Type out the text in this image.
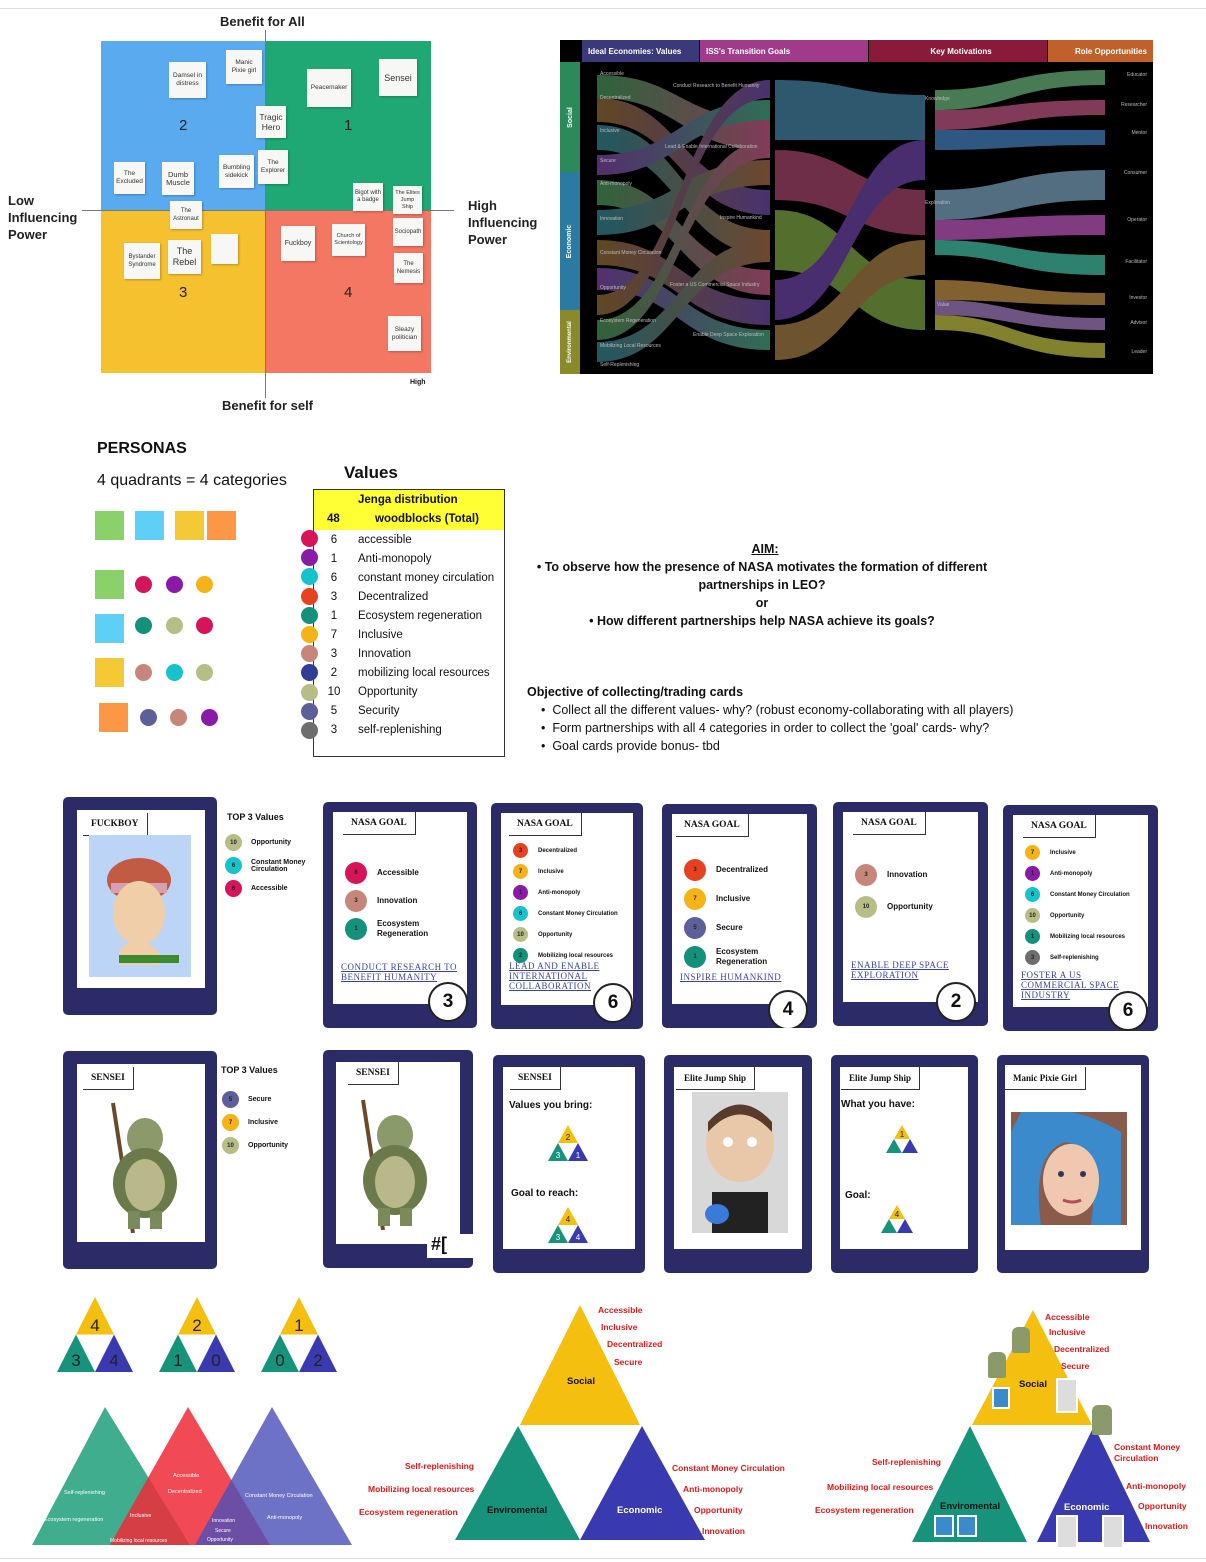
Benefit for All
Low
Influencing
Power
High
Influencing
Power
Benefit for self
High
2	1
3	4
Damsel in distress
Manic Pixie girl
Sensei
Peacemaker
Tragic Hero
The Excluded
Dumb Muscle
Bumbling sidekick
The Explorer
Bigot with a badge
The Elites Jump Ship
The Astronaut
Bystander Syndrome
The Rebel
Fuckboy
Church of Scientology
Sociopath
The Nemesis
Sleazy politician
Ideal Economies: Values	ISS's Transition Goals	Key Motivations	Role Opportunities
Social
Economic
Environmental
Accessible
Decentralized
Inclusive
Secure
Anti-monopoly
Innovation
Constant Money Circulation
Opportunity
Ecosystem Regeneration
Mobilizing Local Resources
Self-Replenishing
Conduct Research to Benefit Humanity
Lead & Enable International Collaboration
Inspire Humankind
Foster a US Commercial Space Industry
Enable Deep Space Exploration
Knowledge
Exploration
Value
Educator
Researcher
Mentor
Consumer
Operator
Facilitator
Investor
Advisor
Leader
PERSONAS
4 quadrants = 4 categories	Values
Jenga distribution
48	woodblocks (Total)
6	accessible
1	Anti-monopoly
6	constant money circulation
3	Decentralized
1	Ecosystem regeneration
7	Inclusive
3	Innovation
2	mobilizing local resources
10	Opportunity
5	Security
3	self-replenishing
AIM:
• To observe how the presence of NASA motivates the formation of different partnerships in LEO?
or
• How different partnerships help NASA achieve its goals?
Objective of collecting/trading cards
•  Collect all the different values- why? (robust economy-collaborating with all players)
•  Form partnerships with all 4 categories in order to collect the 'goal' cards- why?
•  Goal cards provide bonus- tbd
FUCKBOY
TOP 3 Values
SENSEI
TOP 3 Values	SENSEI
#[
SENSEI
Values you bring:
Goal to reach:
2
3 1
4
3 4
Elite Jump Ship	Elite Jump Ship
What you have:
Goal:
1
4
Manic Pixie Girl
4
3 4
2
1 0
1
0 2
Self-replenishing
Ecosystem regeneration
Accessible
Decentralized
Inclusive
Mobilizing local resources
Constant Money Circulation
Anti-monopoly
Innovation
Secure
Opportunity
Social
Enviromental	Economic
Accessible
Inclusive
Decentralized
Secure
Self-replenishing
Mobilizing local resources
Ecosystem regeneration
Constant Money Circulation
Anti-monopoly
Opportunity
Innovation
Social
Enviromental	Economic
Accessible
Inclusive
Decentralized
Secure
Self-replenishing
Mobilizing local resources
Ecosystem regeneration
Constant Money Circulation
Anti-monopoly
Opportunity
Innovation
10	Opportunity
6	Constant Money Circulation
6	Accessible
5	Secure
7	Inclusive
10	Opportunity
NASA GOAL
6	Accessible
3	Innovation
1
Ecosystem Regeneration
CONDUCT RESEARCH TO BENEFIT HUMANITY
3
NASA GOAL
3	Decentralized
7	Inclusive
1	Anti-monopoly
6	Constant Money Circulation
10	Opportunity
2	Mobilizing local resources
LEAD AND ENABLE INTERNATIONAL COLLABORATION
6
NASA GOAL
3	Decentralized
7	Inclusive
5	Secure
1
Ecosystem Regeneration
INSPIRE HUMANKIND
4
NASA GOAL
3	Innovation
10	Opportunity
ENABLE DEEP SPACE EXPLORATION
2
NASA GOAL
7	Inclusive
1	Anti-monopoly
6	Constant Money Circulation
10	Opportunity
1	Mobilizing local resources
3	Self-replenishing
FOSTER A US COMMERCIAL SPACE INDUSTRY
6
